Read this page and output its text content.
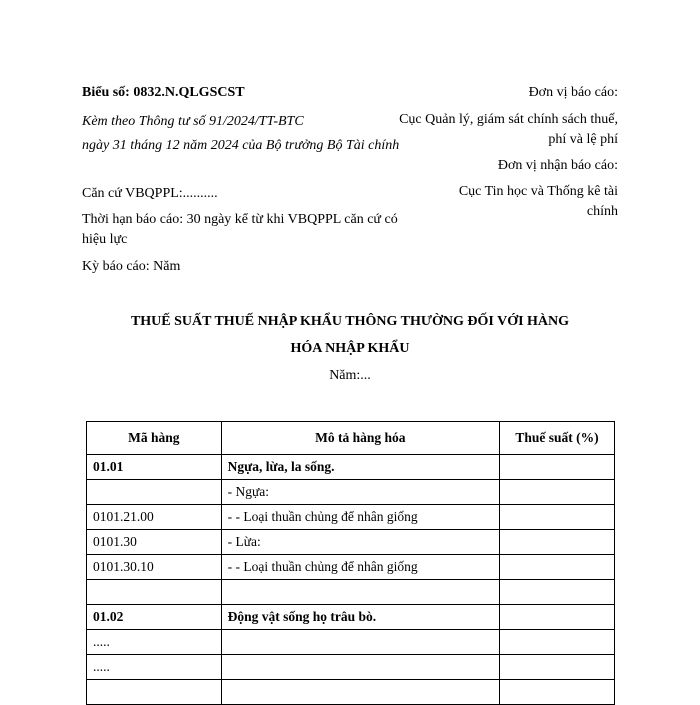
Biểu số: 0832.N.QLGSCST
Kèm theo Thông tư số 91/2024/TT-BTC
ngày 31 tháng 12 năm 2024 của Bộ trưởng Bộ Tài chính
Căn cứ VBQPPL:..........
Thời hạn báo cáo: 30 ngày kể từ khi VBQPPL căn cứ có hiệu lực
Kỳ báo cáo: Năm
Đơn vị báo cáo:
Cục Quản lý, giám sát chính sách thuế, phí và lệ phí
Đơn vị nhận báo cáo:
Cục Tin học và Thống kê tài chính
THUẾ SUẤT THUẾ NHẬP KHẨU THÔNG THƯỜNG ĐỐI VỚI HÀNG
HÓA NHẬP KHẨU
Năm:...
Mã hàng	Mô tả hàng hóa	Thuế suất (%)
01.01	Ngựa, lừa, la sống.	
	- Ngựa:	
0101.21.00	- - Loại thuần chủng để nhân giống	
0101.30	- Lừa:	
0101.30.10	- - Loại thuần chủng để nhân giống	

01.02	Động vật sống họ trâu bò.	
.....		
.....		
